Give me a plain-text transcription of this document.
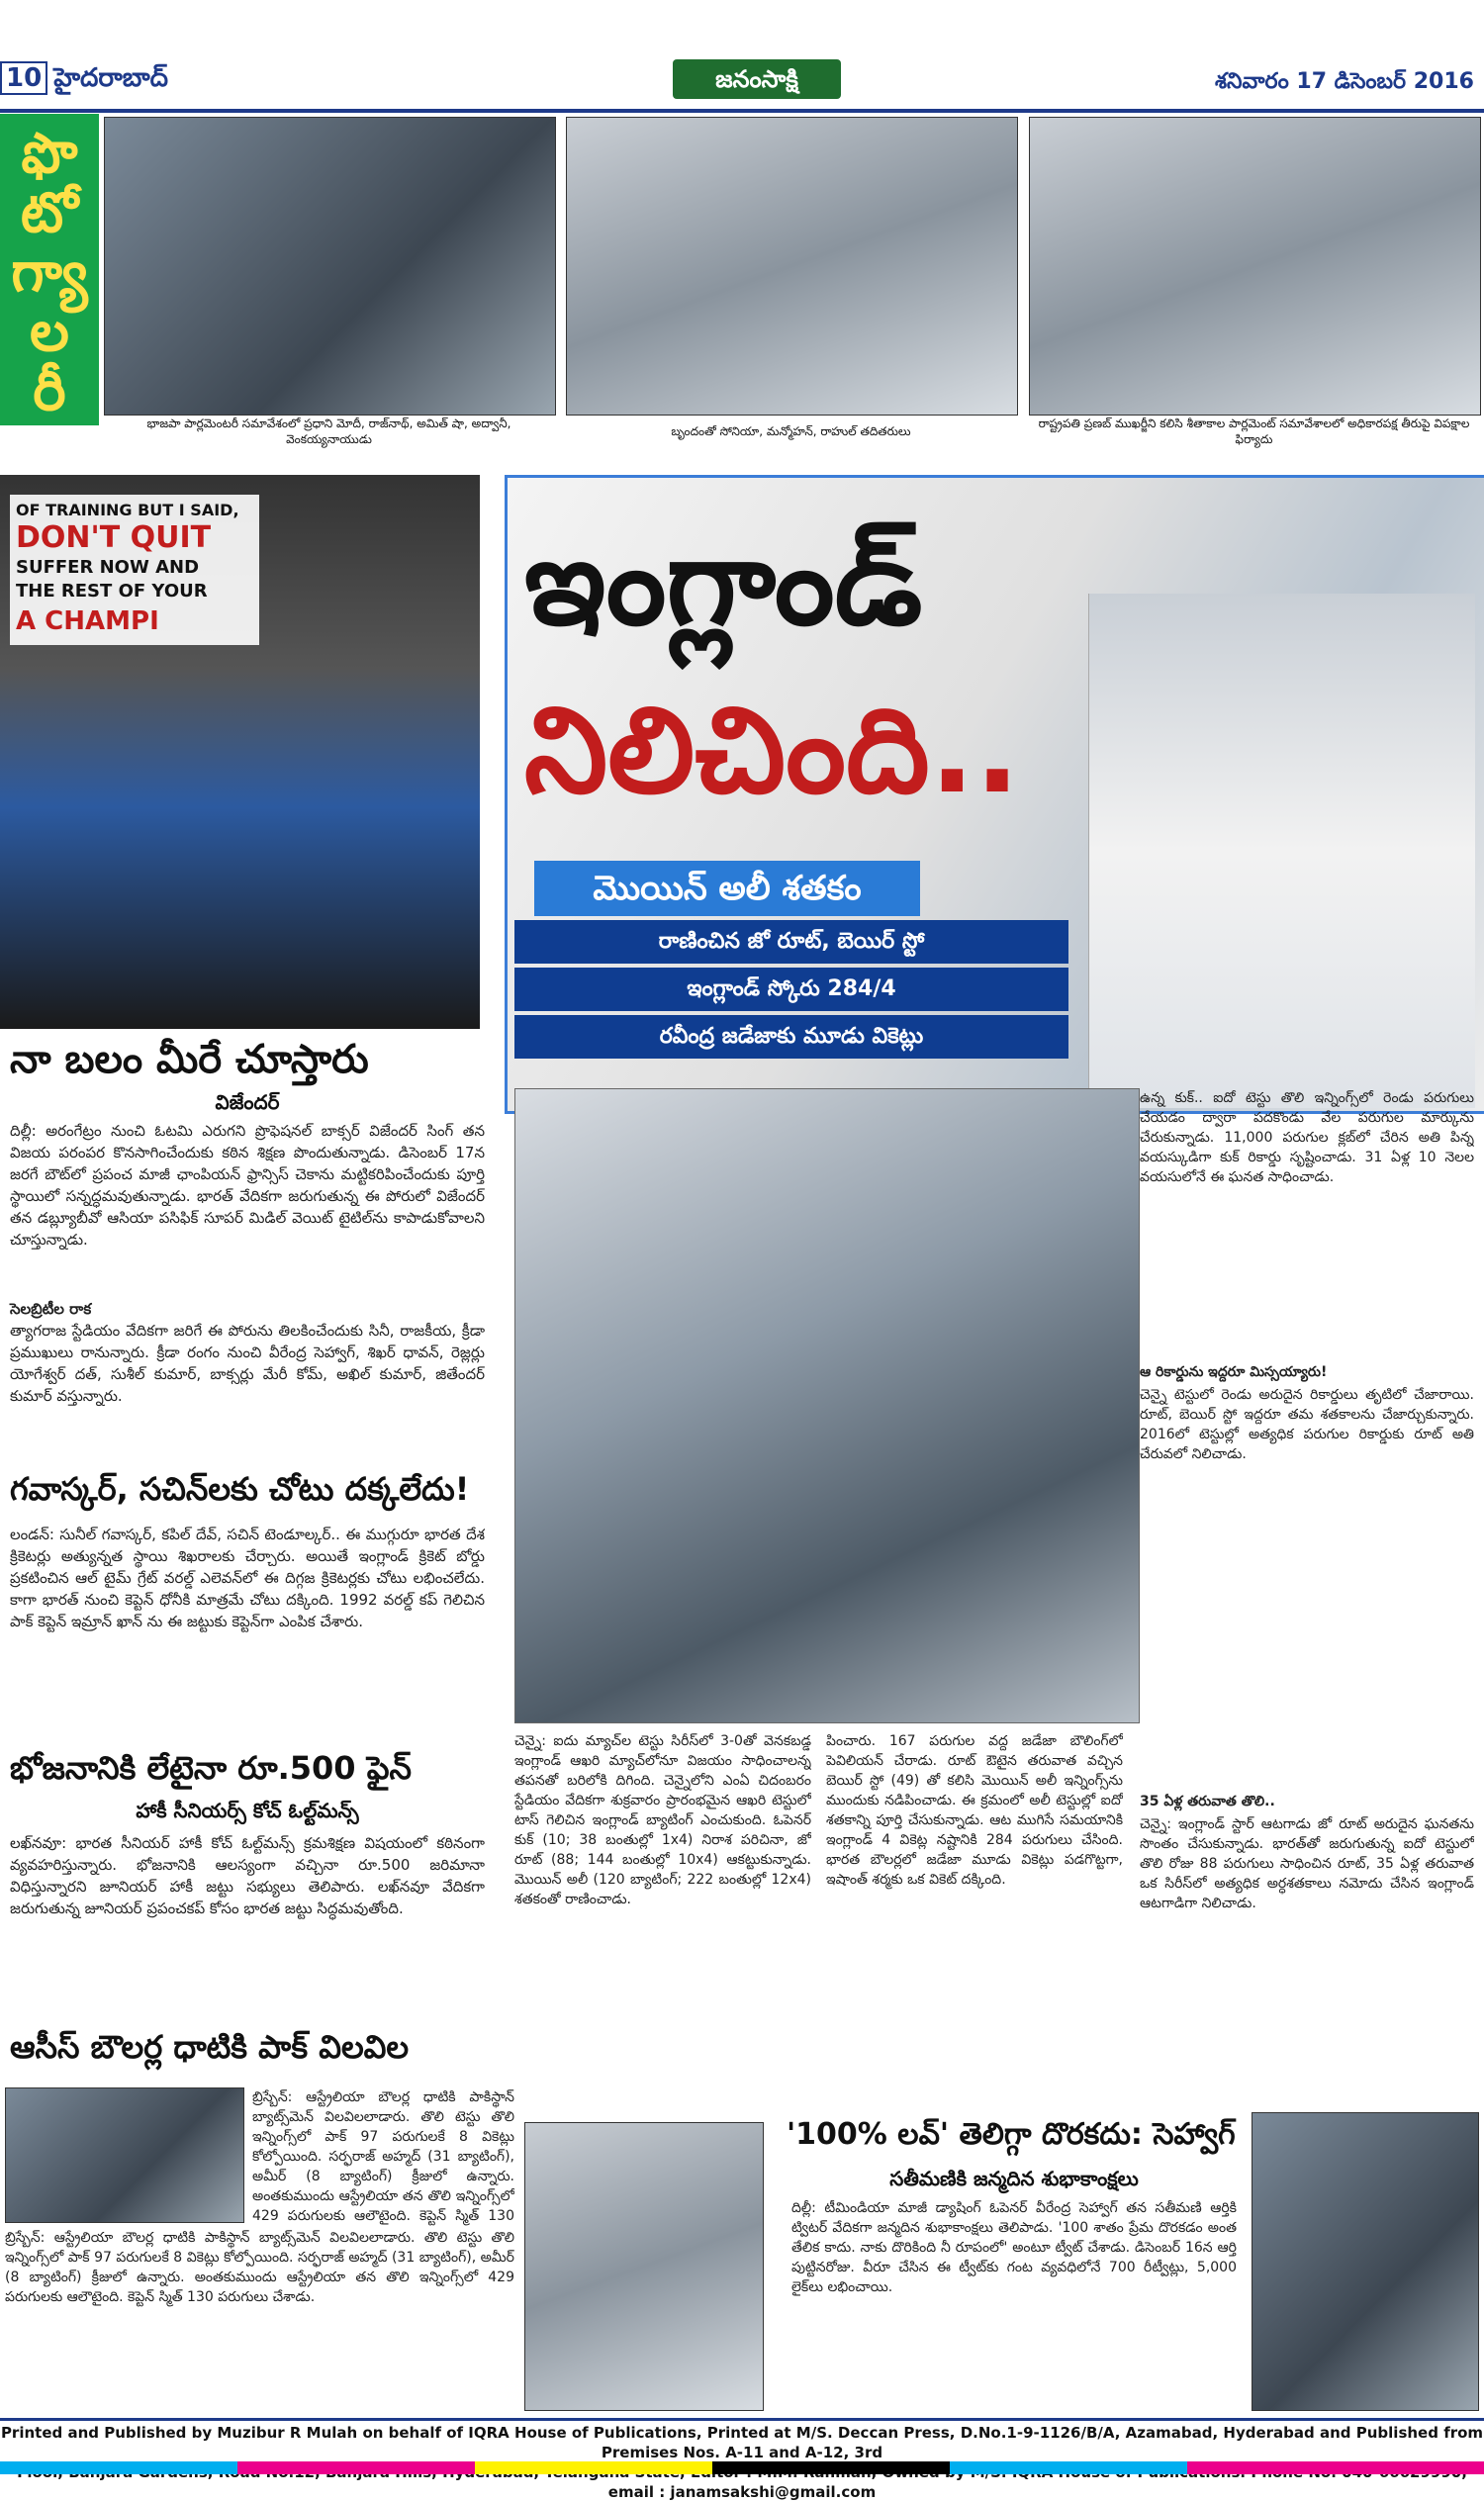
10 హైదరాబాద్	జనంసాక్షి	శనివారం 17 డిసెంబర్ 2016
ఫొ
టో
గ్యా
ల
రీ	భాజపా పార్లమెంటరీ సమావేశంలో ప్రధాని మోదీ, రాజ్‌నాథ్, అమిత్ షా, అద్వానీ, వెంకయ్యనాయుడు
బృందంతో సోనియా, మన్మోహన్, రాహుల్ తదితరులు
రాష్ట్రపతి ప్రణబ్ ముఖర్జీని కలిసి శీతాకాల పార్లమెంట్ సమావేశాలలో అధికారపక్ష తీరుపై విపక్షాల ఫిర్యాదు
OF TRAINING BUT I SAID,
DON'T QUIT
SUFFER NOW AND
THE REST OF YOUR
A CHAMPI
నా బలం మీరే చూస్తారు
విజేందర్
దిల్లీ: అరంగేట్రం నుంచి ఓటమి ఎరుగని ప్రొఫెషనల్ బాక్సర్ విజేందర్ సింగ్ తన విజయ పరంపర కొనసాగించేందుకు కఠిన శిక్షణ పొందుతున్నాడు. డిసెంబర్ 17న జరగే బౌట్‌లో ప్రపంచ మాజీ ఛాంపియన్ ఫ్రాన్సిస్ చెకాను మట్టికరిపించేందుకు పూర్తి స్థాయిలో సన్నద్ధమవుతున్నాడు. భారత్ వేదికగా జరుగుతున్న ఈ పోరులో విజేందర్ తన డబ్ల్యూబీవో ఆసియా పసిఫిక్ సూపర్ మిడిల్ వెయిట్ టైటిల్‌ను కాపాడుకోవాలని చూస్తున్నాడు.
సెలబ్రిటీల రాక
త్యాగరాజ స్టేడియం వేదికగా జరిగే ఈ పోరును తిలకించేందుకు సినీ, రాజకీయ, క్రీడా ప్రముఖులు రానున్నారు. క్రీడా రంగం నుంచి వీరేంద్ర సెహ్వాగ్, శిఖర్ ధావన్, రెజ్లర్లు యోగేశ్వర్ దత్, సుశీల్ కుమార్, బాక్సర్లు మేరీ కోమ్, అఖిల్ కుమార్, జితేందర్ కుమార్ వస్తున్నారు.
గవాస్కర్, సచిన్‌లకు చోటు దక్కలేదు!
లండన్: సునీల్ గవాస్కర్, కపిల్ దేవ్, సచిన్ టెండూల్కర్.. ఈ ముగ్గురూ భారత దేశ క్రికెటర్లు అత్యున్నత స్థాయి శిఖరాలకు చేర్చారు. అయితే ఇంగ్లాండ్ క్రికెట్ బోర్డు ప్రకటించిన ఆల్ టైమ్ గ్రేట్ వరల్డ్ ఎలెవన్‌లో ఈ దిగ్గజ క్రికెటర్లకు చోటు లభించలేదు. కాగా భారత్ నుంచి కెప్టెన్ ధోనీకి మాత్రమే చోటు దక్కింది. 1992 వరల్డ్ కప్ గెలిచిన పాక్ కెప్టెన్ ఇమ్రాన్ ఖాన్ ను ఈ జట్టుకు కెప్టెన్‌గా ఎంపిక చేశారు.
భోజనానికి లేటైనా రూ.500 ఫైన్
హాకీ సీనియర్స్ కోచ్ ఓల్ట్‌మన్స్
లఖ్‌నవూ: భారత సీనియర్ హాకీ కోచ్ ఓల్ట్‌మన్స్ క్రమశిక్షణ విషయంలో కఠినంగా వ్యవహరిస్తున్నారు. భోజనానికి ఆలస్యంగా వచ్చినా రూ.500 జరిమానా విధిస్తున్నారని జూనియర్ హాకీ జట్టు సభ్యులు తెలిపారు. లఖ్‌నవూ వేదికగా జరుగుతున్న జూనియర్ ప్రపంచకప్ కోసం భారత జట్టు సిద్ధమవుతోంది.
ఆసీస్ బౌలర్ల ధాటికి పాక్ విలవిల
బ్రిస్బేన్: ఆస్ట్రేలియా బౌలర్ల ధాటికి పాకిస్థాన్ బ్యాట్స్‌మెన్ విలవిలలాడారు. తొలి టెస్టు తొలి ఇన్నింగ్స్‌లో పాక్ 97 పరుగులకే 8 వికెట్లు కోల్పోయింది. సర్ఫరాజ్ అహ్మద్ (31 బ్యాటింగ్), అమీర్ (8 బ్యాటింగ్) క్రీజులో ఉన్నారు. అంతకుముందు ఆస్ట్రేలియా తన తొలి ఇన్నింగ్స్‌లో 429 పరుగులకు ఆలౌటైంది. కెప్టెన్ స్మిత్ 130
బ్రిస్బేన్: ఆస్ట్రేలియా బౌలర్ల ధాటికి పాకిస్థాన్ బ్యాట్స్‌మెన్ విలవిలలాడారు. తొలి టెస్టు తొలి ఇన్నింగ్స్‌లో పాక్ 97 పరుగులకే 8 వికెట్లు కోల్పోయింది. సర్ఫరాజ్ అహ్మద్ (31 బ్యాటింగ్), అమీర్ (8 బ్యాటింగ్) క్రీజులో ఉన్నారు. అంతకుముందు ఆస్ట్రేలియా తన తొలి ఇన్నింగ్స్‌లో 429 పరుగులకు ఆలౌటైంది. కెప్టెన్ స్మిత్ 130 పరుగులు చేశాడు.
ఇంగ్లాండ్
నిలిచింది..
మొయిన్ అలీ శతకం
రాణించిన జో రూట్, బెయిర్ స్టో
ఇంగ్లాండ్ స్కోరు 284/4
రవీంద్ర జడేజాకు మూడు వికెట్లు
చెన్నై: ఐదు మ్యాచ్‌ల టెస్టు సిరీస్‌లో 3-0తో వెనకబడ్డ ఇంగ్లాండ్ ఆఖరి మ్యాచ్‌లోనూ విజయం సాధించాలన్న తపనతో బరిలోకి దిగింది. చెన్నైలోని ఎంఏ చిదంబరం స్టేడియం వేదికగా శుక్రవారం ప్రారంభమైన ఆఖరి టెస్టులో టాస్ గెలిచిన ఇంగ్లాండ్ బ్యాటింగ్ ఎంచుకుంది. ఓపెనర్ కుక్ (10; 38 బంతుల్లో 1x4) నిరాశ పరిచినా, జో రూట్ (88; 144 బంతుల్లో 10x4) ఆకట్టుకున్నాడు. మొయిన్ అలీ (120 బ్యాటింగ్; 222 బంతుల్లో 12x4) శతకంతో రాణించాడు.
పించారు. 167 పరుగుల వద్ద జడేజా బౌలింగ్‌లో పెవిలియన్ చేరాడు. రూట్ ఔటైన తరువాత వచ్చిన బెయిర్ స్టో (49) తో కలిసి మొయిన్ అలీ ఇన్నింగ్స్‌ను ముందుకు నడిపించాడు. ఈ క్రమంలో అలీ టెస్టుల్లో ఐదో శతకాన్ని పూర్తి చేసుకున్నాడు. ఆట ముగిసే సమయానికి ఇంగ్లాండ్ 4 వికెట్ల నష్టానికి 284 పరుగులు చేసింది. భారత బౌలర్లలో జడేజా మూడు వికెట్లు పడగొట్టగా, ఇషాంత్ శర్మకు ఒక వికెట్ దక్కింది.
ఉన్న కుక్.. ఐదో టెస్టు తొలి ఇన్నింగ్స్‌లో రెండు పరుగులు చేయడం ద్వారా పదకొండు వేల పరుగుల మార్కును చేరుకున్నాడు. 11,000 పరుగుల క్లబ్‌లో చేరిన అతి పిన్న వయస్కుడిగా కుక్ రికార్డు సృష్టించాడు. 31 ఏళ్ల 10 నెలల వయసులోనే ఈ ఘనత సాధించాడు.
ఆ రికార్డును ఇద్దరూ మిస్సయ్యారు!
చెన్నై టెస్టులో రెండు అరుదైన రికార్డులు తృటిలో చేజారాయి. రూట్, బెయిర్ స్టో ఇద్దరూ తమ శతకాలను చేజార్చుకున్నారు. 2016లో టెస్టుల్లో అత్యధిక పరుగుల రికార్డుకు రూట్ అతి చేరువలో నిలిచాడు.
35 ఏళ్ల తరువాత తొలి..
చెన్నై: ఇంగ్లాండ్ స్టార్ ఆటగాడు జో రూట్ అరుదైన ఘనతను సొంతం చేసుకున్నాడు. భారత్‌తో జరుగుతున్న ఐదో టెస్టులో తొలి రోజు 88 పరుగులు సాధించిన రూట్, 35 ఏళ్ల తరువాత ఒక సిరీస్‌లో అత్యధిక అర్ధశతకాలు నమోదు చేసిన ఇంగ్లాండ్ ఆటగాడిగా నిలిచాడు.
'100% లవ్' తెలిగ్గా దొరకదు: సెహ్వాగ్
సతీమణికి జన్మదిన శుభాకాంక్షలు
దిల్లీ: టీమిండియా మాజీ డ్యాషింగ్ ఓపెనర్ వీరేంద్ర సెహ్వాగ్ తన సతీమణి ఆర్తికి ట్విటర్ వేదికగా జన్మదిన శుభాకాంక్షలు తెలిపాడు. '100 శాతం ప్రేమ దొరకడం అంత తేలిక కాదు. నాకు దొరికింది నీ రూపంలో' అంటూ ట్వీట్ చేశాడు. డిసెంబర్ 16న ఆర్తి పుట్టినరోజు. వీరూ చేసిన ఈ ట్వీట్‌కు గంట వ్యవధిలోనే 700 రీట్వీట్లు, 5,000 లైక్‌లు లభించాయి.
Printed and Published by Muzibur R Mulah on behalf of IQRA House of Publications, Printed at M/S. Deccan Press, D.No.1-9-1126/B/A, Azamabad, Hyderabad and Published from Premises Nos. A-11 and A-12, 3rd
email : janamsakshi@gmail.com
